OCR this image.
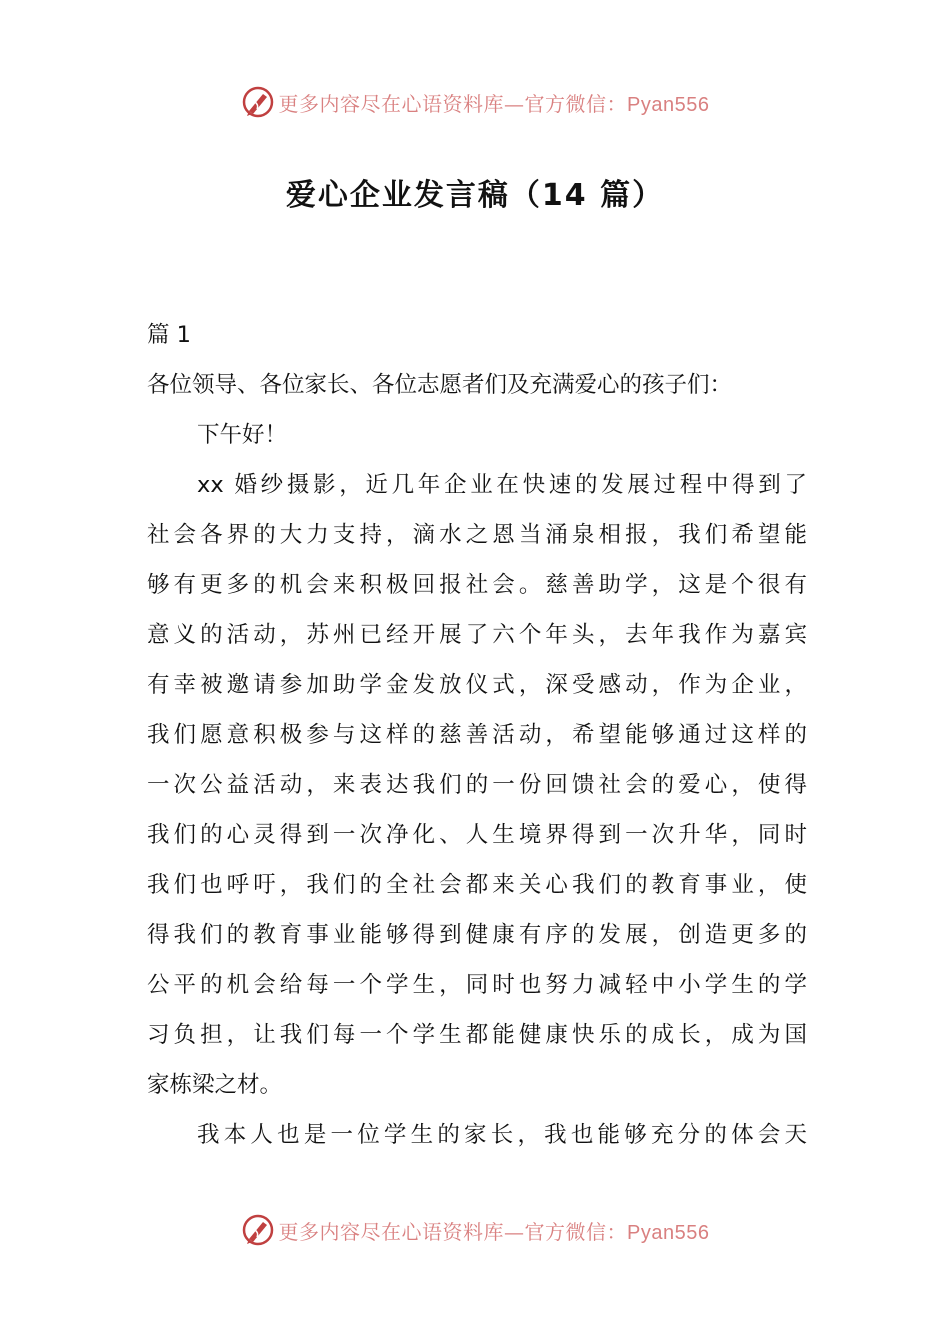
更多内容尽在心语资料库—官方微信：Pyan556
爱心企业发言稿（14 篇）
篇 1
各位领导、各位家长、各位志愿者们及充满爱心的孩子们：
下午好！
xx 婚纱摄影，近几年企业在快速的发展过程中得到了
社会各界的大力支持，滴水之恩当涌泉相报，我们希望能
够有更多的机会来积极回报社会。慈善助学，这是个很有
意义的活动，苏州已经开展了六个年头，去年我作为嘉宾
有幸被邀请参加助学金发放仪式，深受感动，作为企业，
我们愿意积极参与这样的慈善活动，希望能够通过这样的
一次公益活动，来表达我们的一份回馈社会的爱心，使得
我们的心灵得到一次净化、人生境界得到一次升华，同时
我们也呼吁，我们的全社会都来关心我们的教育事业，使
得我们的教育事业能够得到健康有序的发展，创造更多的
公平的机会给每一个学生，同时也努力减轻中小学生的学
习负担，让我们每一个学生都能健康快乐的成长，成为国
家栋梁之材。
我本人也是一位学生的家长，我也能够充分的体会天
更多内容尽在心语资料库—官方微信：Pyan556
